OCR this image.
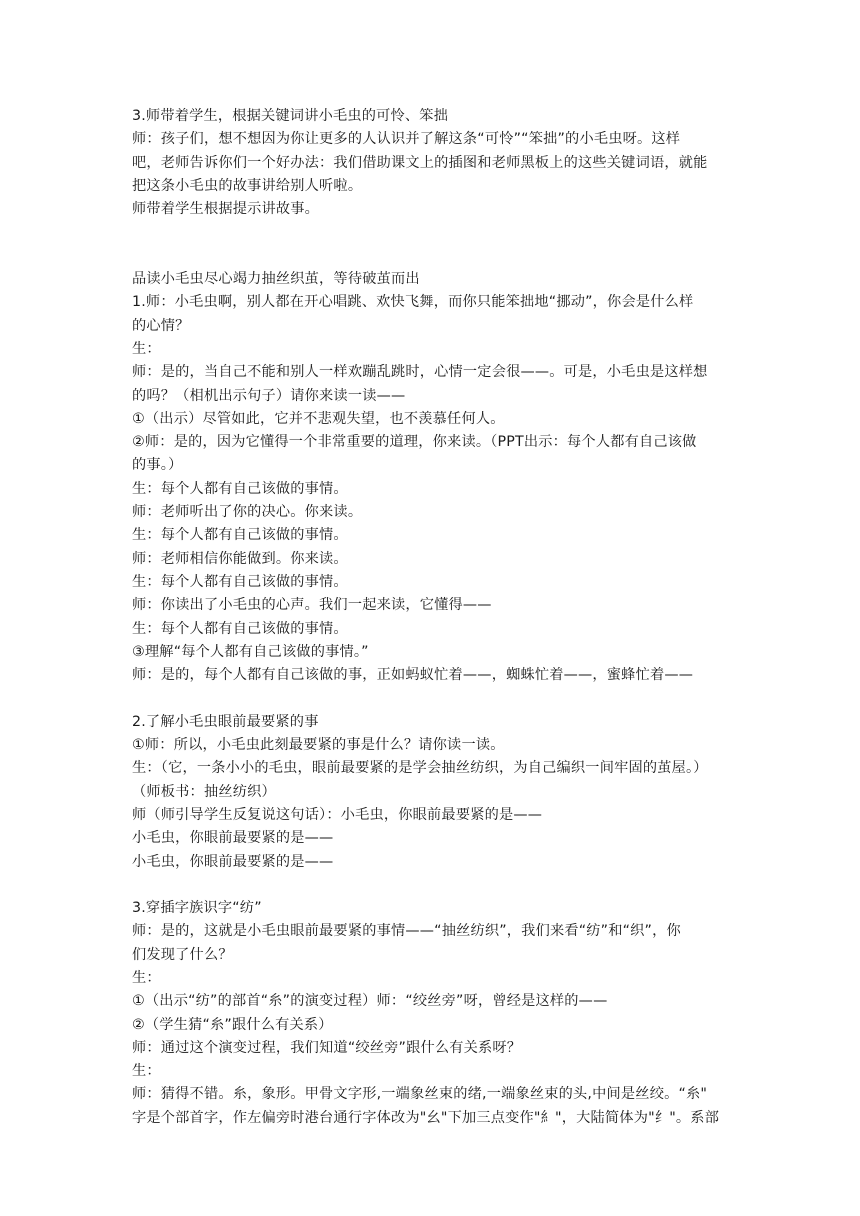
3.师带着学生，根据关键词讲小毛虫的可怜、笨拙
师：孩子们，想不想因为你让更多的人认识并了解这条“可怜”“笨拙”的小毛虫呀。这样
吧，老师告诉你们一个好办法：我们借助课文上的插图和老师黑板上的这些关键词语，就能
把这条小毛虫的故事讲给别人听啦。
师带着学生根据提示讲故事。
品读小毛虫尽心竭力抽丝织茧，等待破茧而出
1.师：小毛虫啊，别人都在开心唱跳、欢快飞舞，而你只能笨拙地“挪动”，你会是什么样
的心情？
生：
师：是的，当自己不能和别人一样欢蹦乱跳时，心情一定会很——。可是，小毛虫是这样想
的吗？（相机出示句子）请你来读一读——
①（出示）尽管如此，它并不悲观失望，也不羡慕任何人。
②师：是的，因为它懂得一个非常重要的道理，你来读。（PPT出示：每个人都有自己该做
的事。）
生：每个人都有自己该做的事情。
师：老师听出了你的决心。你来读。
生：每个人都有自己该做的事情。
师：老师相信你能做到。你来读。
生：每个人都有自己该做的事情。
师：你读出了小毛虫的心声。我们一起来读，它懂得——
生：每个人都有自己该做的事情。
③理解“每个人都有自己该做的事情。”
师：是的，每个人都有自己该做的事，正如蚂蚁忙着——，蜘蛛忙着——，蜜蜂忙着——
2.了解小毛虫眼前最要紧的事
①师：所以，小毛虫此刻最要紧的事是什么？请你读一读。
生：（它，一条小小的毛虫，眼前最要紧的是学会抽丝纺织，为自己编织一间牢固的茧屋。）
（师板书：抽丝纺织）
师（师引导学生反复说这句话）：小毛虫，你眼前最要紧的是——
小毛虫，你眼前最要紧的是——
小毛虫，你眼前最要紧的是——
3.穿插字族识字“纺”
师：是的，这就是小毛虫眼前最要紧的事情——“抽丝纺织”，我们来看“纺”和“织”，你
们发现了什么？
生：
①（出示“纺”的部首“糸”的演变过程）师：“绞丝旁”呀，曾经是这样的——
②（学生猜“糸”跟什么有关系）
师：通过这个演变过程，我们知道“绞丝旁”跟什么有关系呀？
生：
师：猜得不错。糸，象形。甲骨文字形,一端象丝束的绪,一端象丝束的头,中间是丝绞。“糸"
字是个部首字，作左偏旁时港台通行字体改为"幺"下加三点变作"糹"，大陆简体为"纟"。系部
